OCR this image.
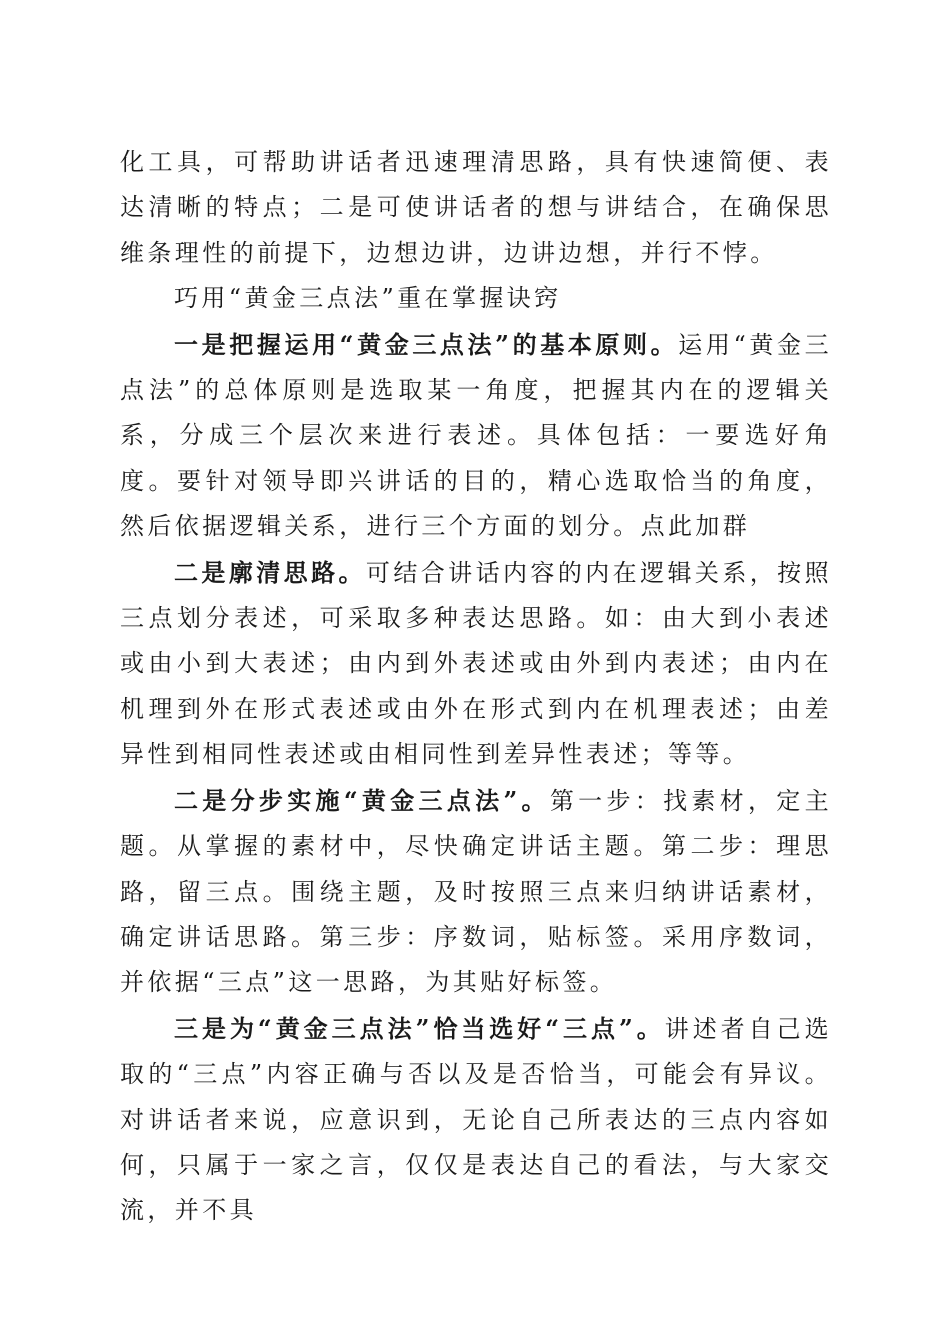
化工具，可帮助讲话者迅速理清思路，具有快速简便、表达清晰的特点；二是可使讲话者的想与讲结合，在确保思维条理性的前提下，边想边讲，边讲边想，并行不悖。

巧用“黄金三点法”重在掌握诀窍

一是把握运用“黄金三点法”的基本原则。运用“黄金三点法”的总体原则是选取某一角度，把握其内在的逻辑关系，分成三个层次来进行表述。具体包括：一要选好角度。要针对领导即兴讲话的目的，精心选取恰当的角度，然后依据逻辑关系，进行三个方面的划分。点此加群

二是廓清思路。可结合讲话内容的内在逻辑关系，按照三点划分表述，可采取多种表达思路。如：由大到小表述或由小到大表述；由内到外表述或由外到内表述；由内在机理到外在形式表述或由外在形式到内在机理表述；由差异性到相同性表述或由相同性到差异性表述；等等。

二是分步实施“黄金三点法”。第一步：找素材，定主题。从掌握的素材中，尽快确定讲话主题。第二步：理思路，留三点。围绕主题，及时按照三点来归纳讲话素材，确定讲话思路。第三步：序数词，贴标签。采用序数词，并依据“三点”这一思路，为其贴好标签。

三是为“黄金三点法”恰当选好“三点”。讲述者自己选取的“三点”内容正确与否以及是否恰当，可能会有异议。对讲话者来说，应意识到，无论自己所表达的三点内容如何，只属于一家之言，仅仅是表达自己的看法，与大家交流，并不具
